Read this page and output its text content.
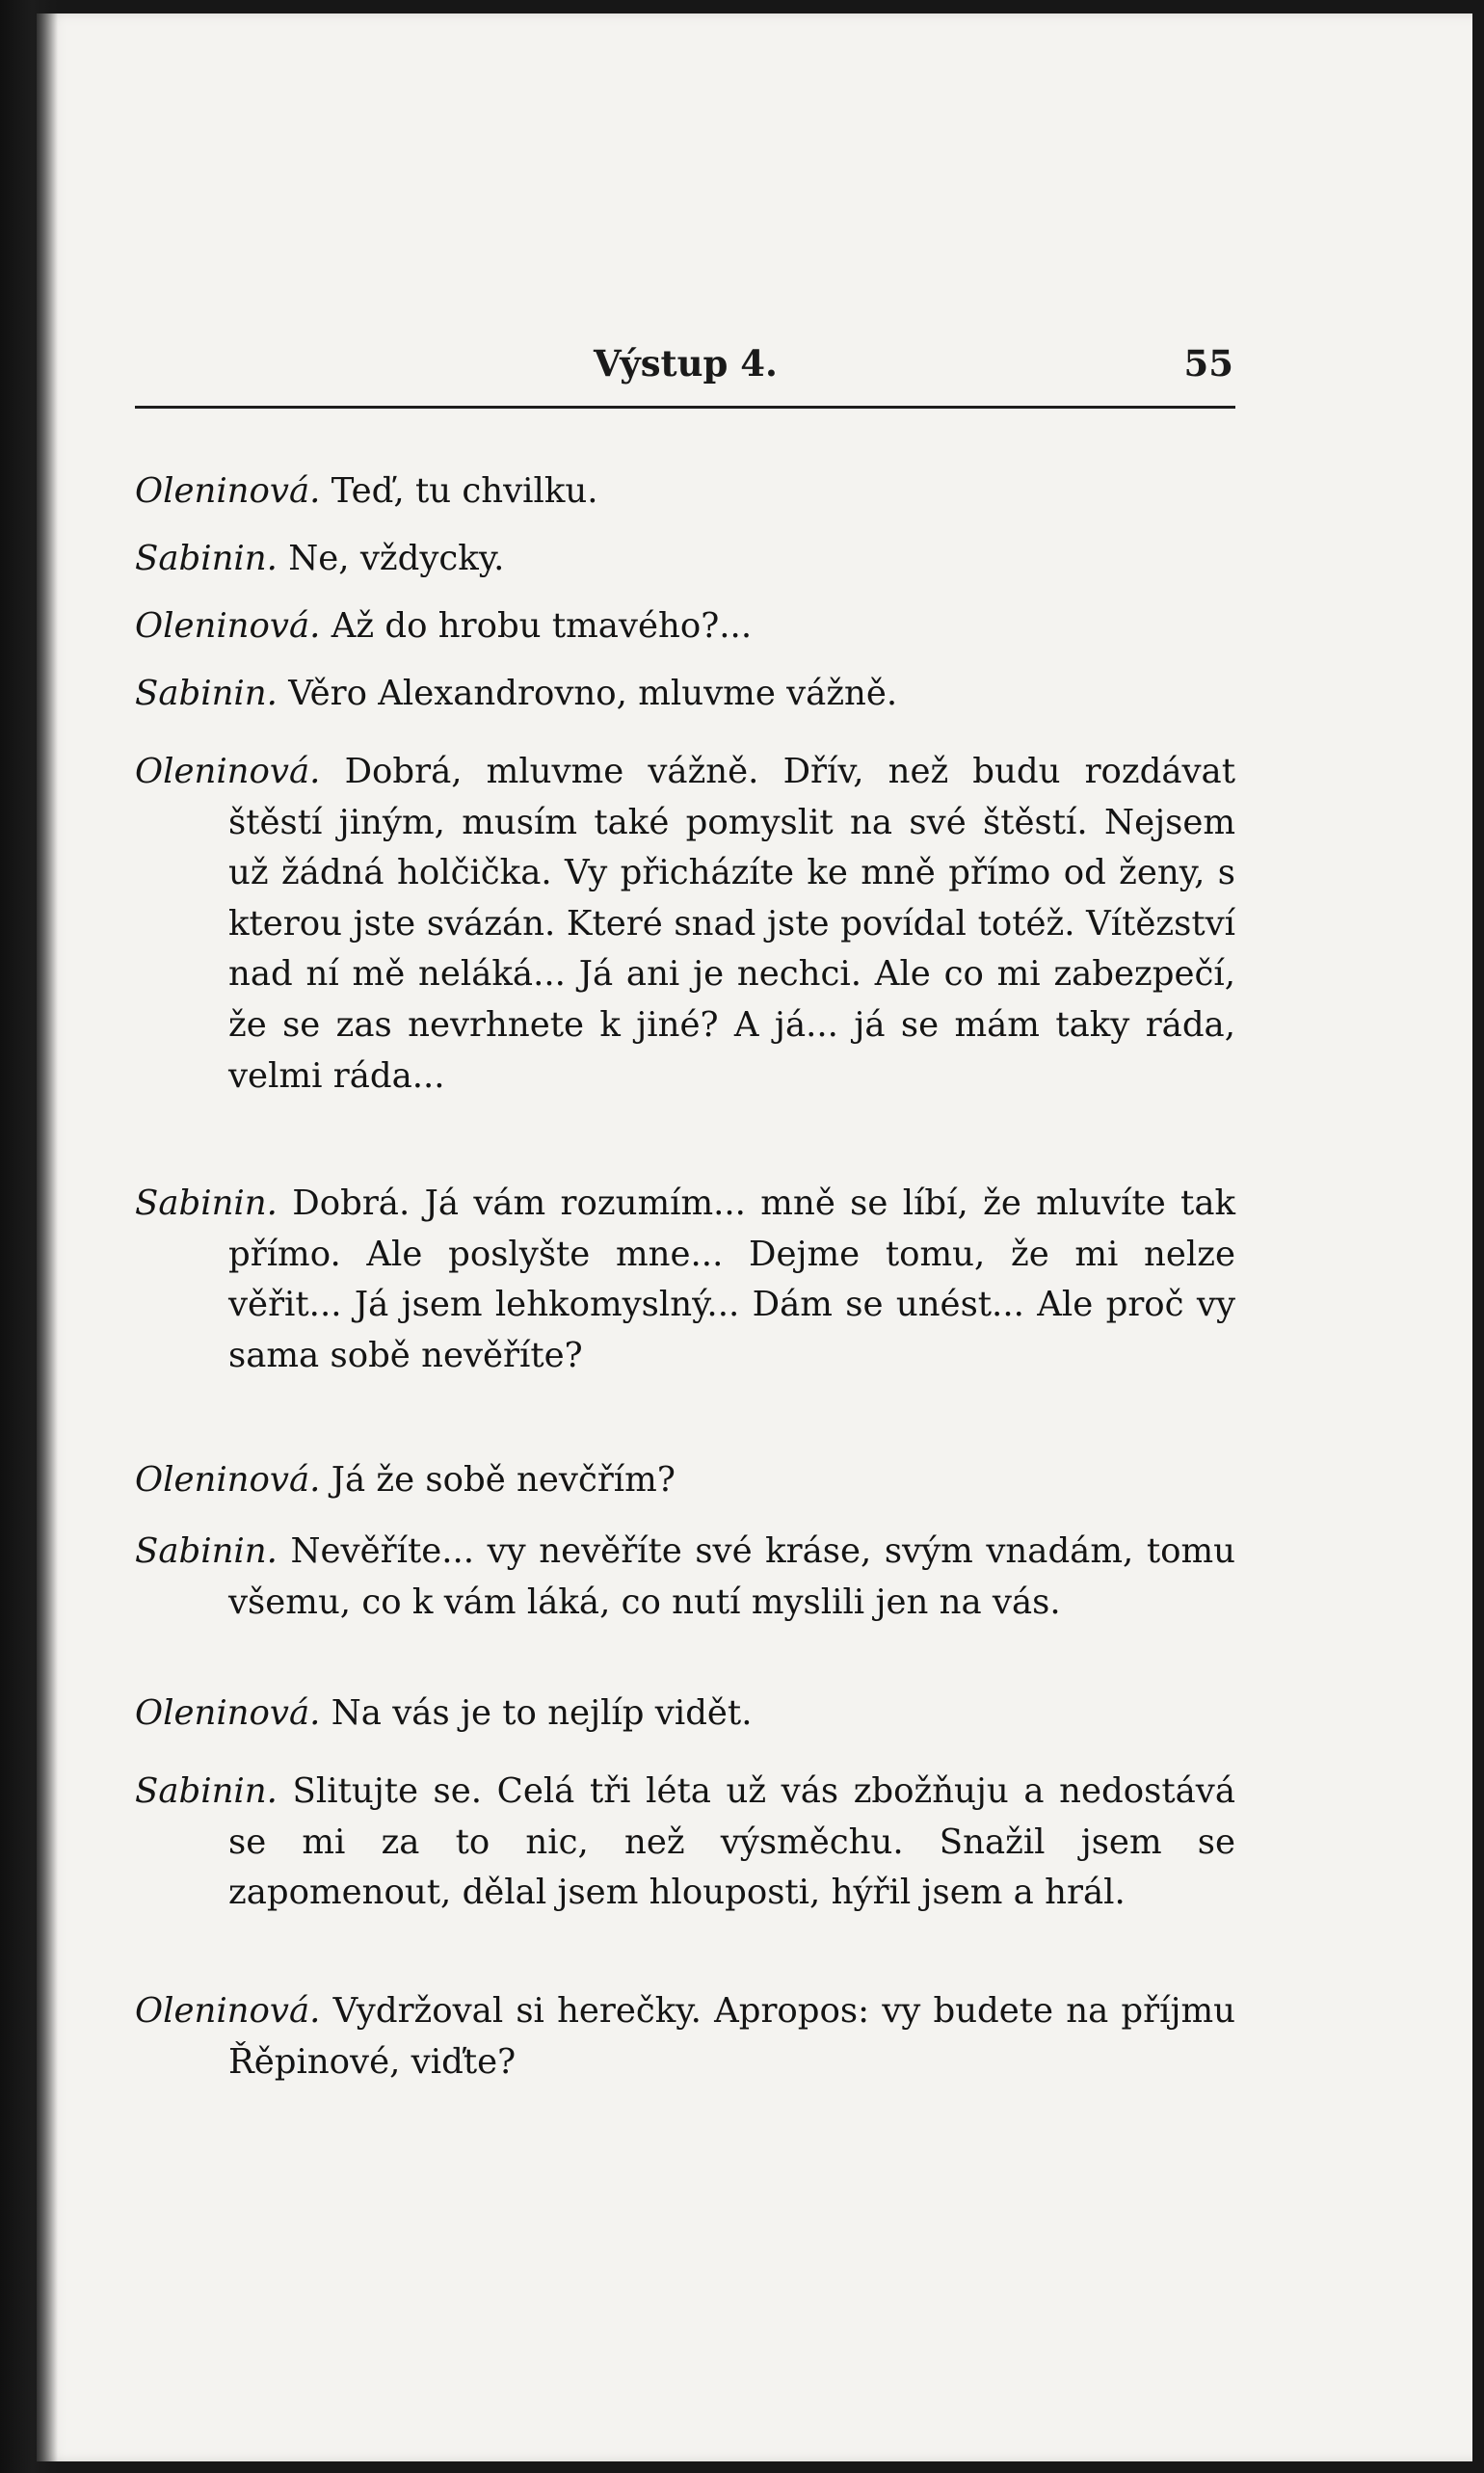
Výstup 4.	55
Oleninová. Teď, tu chvilku.
Sabinin. Ne, vždycky.
Oleninová. Až do hrobu tmavého?...
Sabinin. Věro Alexandrovno, mluvme vážně.
Oleninová. Dobrá, mluvme vážně. Dřív, než budu rozdávat štěstí jiným, musím také pomyslit na své štěstí. Nejsem už žádná holčička. Vy přicházíte ke mně přímo od ženy, s kterou jste svázán. Které snad jste povídal totéž. Vítězství nad ní mě neláká... Já ani je nechci. Ale co mi zabezpečí, že se zas nevrhnete k jiné? A já... já se mám taky ráda, velmi ráda...
Sabinin. Dobrá. Já vám rozumím... mně se líbí, že mluvíte tak přímo. Ale poslyšte mne... Dejme tomu, že mi nelze věřit... Já jsem lehkomyslný... Dám se unést... Ale proč vy sama sobě nevěříte?
Oleninová. Já že sobě nevčřím?
Sabinin. Nevěříte... vy nevěříte své kráse, svým vnadám, tomu všemu, co k vám láká, co nutí myslili jen na vás.
Oleninová. Na vás je to nejlíp vidět.
Sabinin. Slitujte se. Celá tři léta už vás zbožňuju a nedostává se mi za to nic, než výsměchu. Snažil jsem se zapomenout, dělal jsem hlouposti, hýřil jsem a hrál.
Oleninová. Vydržoval si herečky. Apropos: vy budete na příjmu Řěpinové, viďte?
